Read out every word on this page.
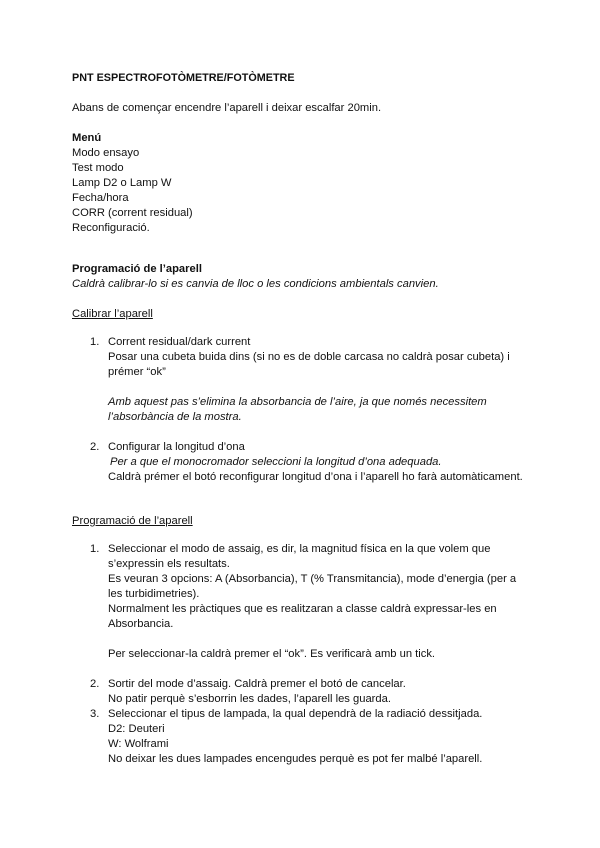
PNT ESPECTROFOTÒMETRE/FOTÒMETRE
Abans de començar encendre l’aparell i deixar escalfar 20min.
Menú
Modo ensayo
Test modo
Lamp D2 o Lamp W
Fecha/hora
CORR (corrent residual)
Reconfiguració.
Programació de l’aparell
Caldrà calibrar-lo si es canvia de lloc o les condicions ambientals canvien.
Calibrar l’aparell
1. Corrent residual/dark current
Posar una cubeta buida dins (si no es de doble carcasa no caldrà posar cubeta) i
prémer “ok”
Amb aquest pas s’elimina la absorbancia de l’aire, ja que només necessitem
l’absorbància de la mostra.
2. Configurar la longitud d’ona
Per a que el monocromador seleccioni la longitud d’ona adequada.
Caldrà prémer el botó reconfigurar longitud d’ona i l’aparell ho farà automàticament.
Programació de l’aparell
1. Seleccionar el modo de assaig, es dir, la magnitud física en la que volem que
s’expressin els resultats.
Es veuran 3 opcions: A (Absorbancia), T (% Transmitancia), mode d’energia (per a
les turbidimetries).
Normalment les pràctiques que es realitzaran a classe caldrà expressar-les en
Absorbancia.
Per seleccionar-la caldrà premer el “ok”. Es verificarà amb un tick.
2. Sortir del mode d’assaig. Caldrà premer el botó de cancelar.
No patir perquè s’esborrin les dades, l’aparell les guarda.
3. Seleccionar el tipus de lampada, la qual dependrà de la radiació dessitjada.
D2: Deuteri
W: Wolframi
No deixar les dues lampades encengudes perquè es pot fer malbé l’aparell.
